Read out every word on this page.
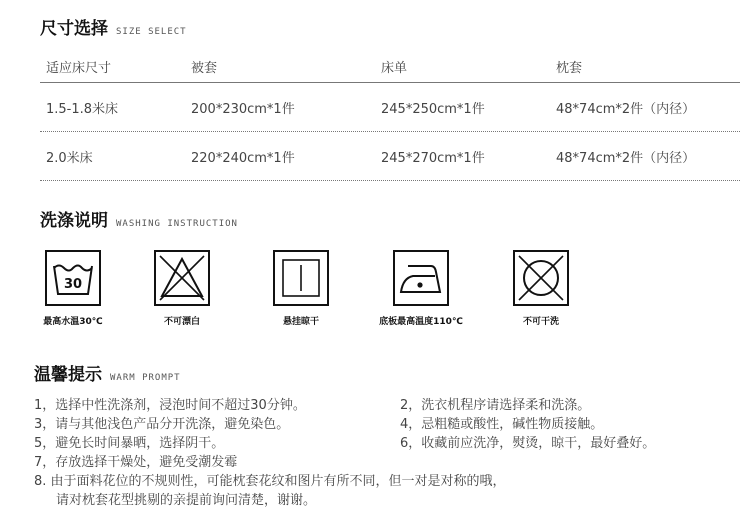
尺寸选择 SIZE SELECT
适应床尺寸	被套	床单	枕套
1.5-1.8米床	200*230cm*1件	245*250cm*1件	48*74cm*2件（内径）
2.0米床	220*240cm*1件	245*270cm*1件	48*74cm*2件（内径）
洗涤说明 WASHING INSTRUCTION
30
最高水温30℃	不可漂白	悬挂晾干	底板最高温度110℃	不可干洗
温馨提示 WARM PROMPT
1，选择中性洗涤剂，浸泡时间不超过30分钟。	2，洗衣机程序请选择柔和洗涤。
3，请与其他浅色产品分开洗涤，避免染色。	4，忌粗糙或酸性，碱性物质接触。
5，避免长时间暴晒，选择阴干。	6，收藏前应洗净，熨烫，晾干，最好叠好。
7，存放选择干燥处，避免受潮发霉
8. 由于面料花位的不规则性，可能枕套花纹和图片有所不同，但一对是对称的哦，
请对枕套花型挑剔的亲提前询问清楚，谢谢。
